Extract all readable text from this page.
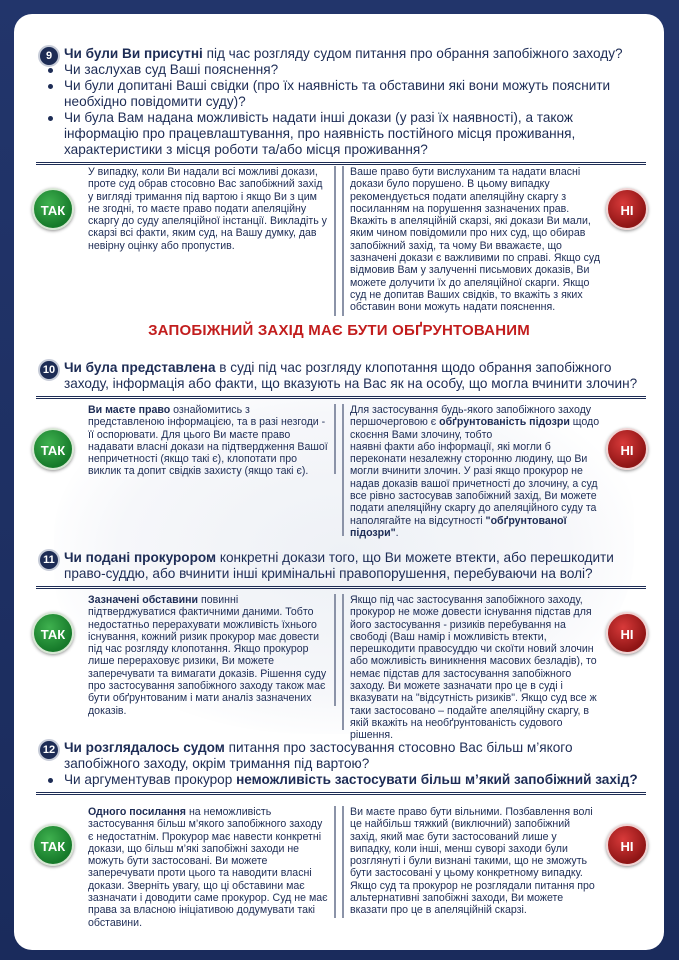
9 Чи були Ви присутні під час розгляду судом питання про обрання запобіжного заходу?
Чи заслухав суд Ваші пояснення?
Чи були допитані Ваші свідки (про їх наявність та обставини які вони можуть пояснити необхідно повідомити суду)?
Чи була Вам надана можливість надати інші докази (у разі їх наявності), а також інформацію про працевлаштування, про наявність постійного місця проживання, характеристики з місця роботи та/або місця проживання?
ТАК
У випадку, коли Ви надали всі можливі докази, проте суд обрав стосовно Вас запобіжний захід у вигляді тримання під вартою і якщо Ви з цим не згодні, то маєте право подати апеляційну скаргу до суду апеляційної інстанції. Викладіть у скарзі всі факти, яким суд, на Вашу думку, дав невірну оцінку або пропустив.
Ваше право бути вислуханим та надати власні докази було порушено. В цьому випадку рекомендується подати апеляційну скаргу з посиланням на порушення зазначених прав. Вкажіть в апеляційній скарзі, які докази Ви мали, яким чином повідомили про них суд, що обирав запобіжний захід, та чому Ви вважаєте, що зазначені докази є важливими по справі. Якщо суд відмовив Вам у залученні письмових доказів, Ви можете долучити їх до апеляційної скарги. Якщо суд не допитав Ваших свідків, то вкажіть з яких обставин вони можуть надати пояснення.
НІ
ЗАПОБІЖНИЙ ЗАХІД МАЄ БУТИ ОБҐРУНТОВАНИМ
10 Чи була представлена в суді під час розгляду клопотання щодо обрання запобіжного заходу, інформація або факти, що вказують на Вас як на особу, що могла вчинити злочин?
ТАК
Ви маєте право ознайомитись з представленою інформацією, та в разі незгоди - її оспорювати. Для цього Ви маєте право надавати власні докази на підтвердження Вашої непричетності (якщо такі є), клопотати про виклик та допит свідків захисту (якщо такі є).
Для застосування будь-якого запобіжного заходу першочерговою є обґрунтованість підозри щодо скоєння Вами злочину, тобто
наявні факти або інформації, які могли б переконати незалежну сторонню людину, що Ви могли вчинити злочин. У разі якщо прокурор не надав доказів вашої причетності до злочину, а суд все рівно застосував запобіжний захід, Ви можете подати апеляційну скаргу до апеляційного суду та наполягайте на відсутності "обґрунтованої підозри".
НІ
11 Чи подані прокурором конкретні докази того, що Ви можете втекти, або перешкодити право-суддю, або вчинити інші кримінальні правопорушення, перебуваючи на волі?
ТАК
Зазначені обставини повинні підтверджуватися фактичними даними. Тобто недостатньо перерахувати можливість їхнього існування, кожний ризик прокурор має довести під час розгляду клопотання. Якщо прокурор лише перераховує ризики, Ви можете заперечувати та вимагати доказів. Рішення суду про застосування запобіжного заходу також має бути обґрунтованим і мати аналіз зазначених доказів.
Якщо під час застосування запобіжного заходу, прокурор не може довести існування підстав для його застосування - ризиків перебування на свободі (Ваш намір і можливість втекти, перешкодити правосуддю чи скоїти новий злочин або можливість виникнення масових безладів), то немає підстав для застосування запобіжного заходу. Ви можете зазначати про це в суді і вказувати на "відсутність ризиків". Якщо суд все ж таки застосовано – подайте апеляційну скаргу, в якій вкажіть на необґрунтованість судового рішення.
НІ
12 Чи розглядалось судом питання про застосування стосовно Вас більш м’якого запобіжного заходу, окрім тримання під вартою?
Чи аргументував прокурор неможливість застосувати більш м’який запобіжний захід?
ТАК
Одного посилання на неможливість застосування більш м’якого запобіжного заходу є недостатнім. Прокурор має навести конкретні докази, що більш м’які запобіжні заходи не можуть бути застосовані. Ви можете заперечувати проти цього та наводити власні докази. Зверніть увагу, що ці обставини має зазначати і доводити саме прокурор. Суд не має права за власною ініціативою додумувати такі обставини.
Ви маєте право бути вільними. Позбавлення волі це найбільш тяжкий (виключний) запобіжний захід, який має бути застосований лише у випадку, коли інші, менш суворі заходи були розглянуті і були визнані такими, що не зможуть бути застосовані у цьому конкретному випадку. Якщо суд та прокурор не розглядали питання про альтернативні запобіжні заходи, Ви можете вказати про це в апеляційній скарзі.
НІ
